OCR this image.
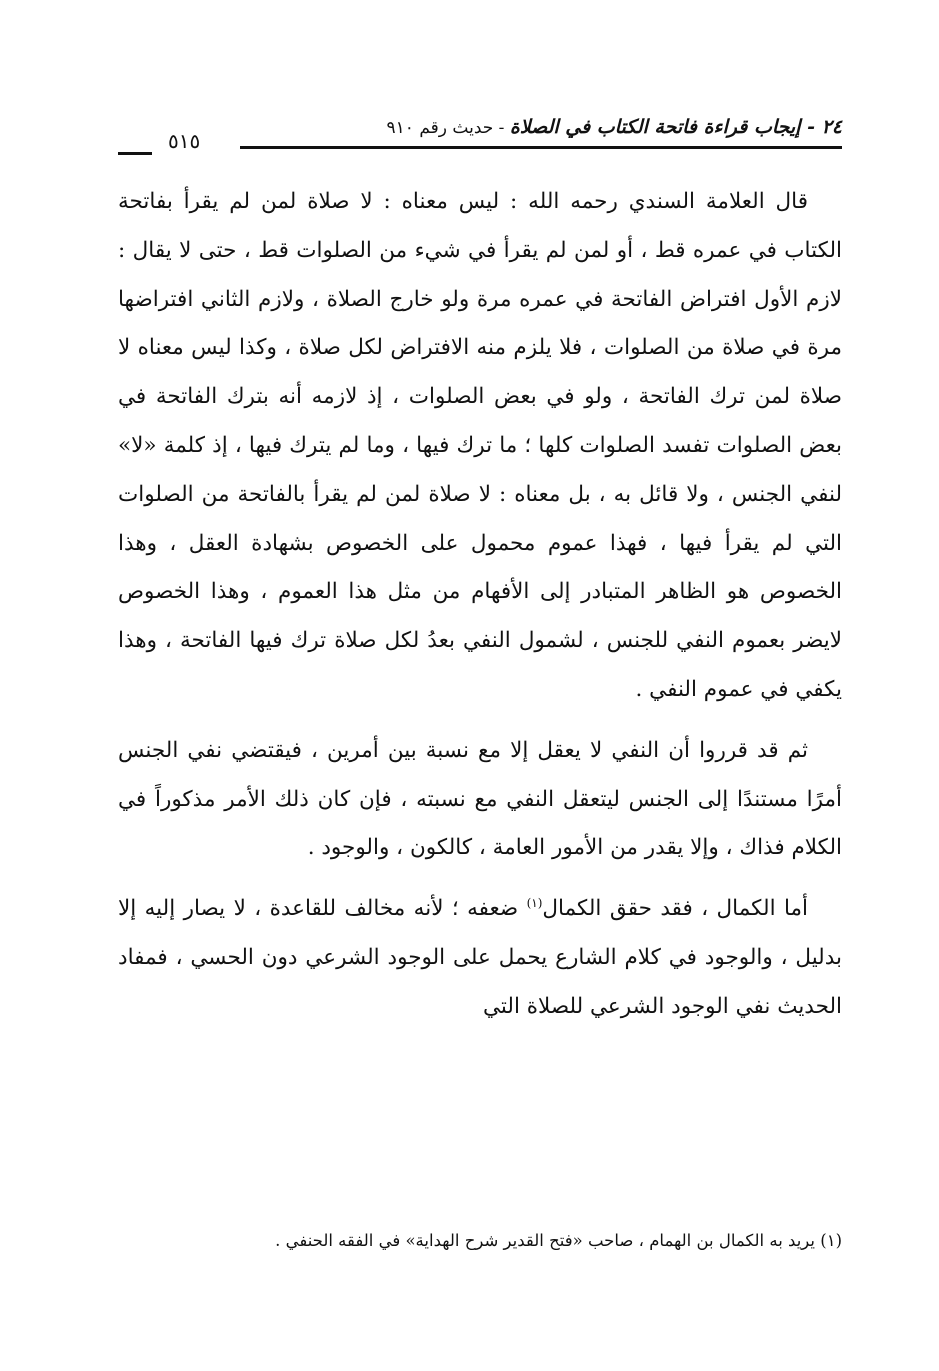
٢٤ - إيجاب قراءة فاتحة الكتاب في الصلاة - حديث رقم ٩١٠
٥١٥

قال العلامة السندي رحمه الله : ليس معناه : لا صلاة لمن لم يقرأ بفاتحة الكتاب في عمره قط ، أو لمن لم يقرأ في شيء من الصلوات قط ، حتى لا يقال : لازم الأول افتراض الفاتحة في عمره مرة ولو خارج الصلاة ، ولازم الثاني افتراضها مرة في صلاة من الصلوات ، فلا يلزم منه الافتراض لكل صلاة ، وكذا ليس معناه لا صلاة لمن ترك الفاتحة ، ولو في بعض الصلوات ، إذ لازمه أنه بترك الفاتحة في بعض الصلوات تفسد الصلوات كلها ؛ ما ترك فيها ، وما لم يترك فيها ، إذ كلمة «لا» لنفي الجنس ، ولا قائل به ، بل معناه : لا صلاة لمن لم يقرأ بالفاتحة من الصلوات التي لم يقرأ فيها ، فهذا عموم محمول على الخصوص بشهادة العقل ، وهذا الخصوص هو الظاهر المتبادر إلى الأفهام من مثل هذا العموم ، وهذا الخصوص لايضر بعموم النفي للجنس ، لشمول النفي بعدُ لكل صلاة ترك فيها الفاتحة ، وهذا يكفي في عموم النفي .

ثم قد قرروا أن النفي لا يعقل إلا مع نسبة بين أمرين ، فيقتضي نفي الجنس أمرًا مستندًا إلى الجنس ليتعقل النفي مع نسبته ، فإن كان ذلك الأمر مذكوراً في الكلام فذاك ، وإلا يقدر من الأمور العامة ، كالكون ، والوجود .

أما الكمال ، فقد حقق الكمال$^{(١)}$ ضعفه ؛ لأنه مخالف للقاعدة ، لا يصار إليه إلا بدليل ، والوجود في كلام الشارع يحمل على الوجود الشرعي دون الحسي ، فمفاد الحديث نفي الوجود الشرعي للصلاة التي

(١) يريد به الكمال بن الهمام ، صاحب «فتح القدير شرح الهداية» في الفقه الحنفي .
